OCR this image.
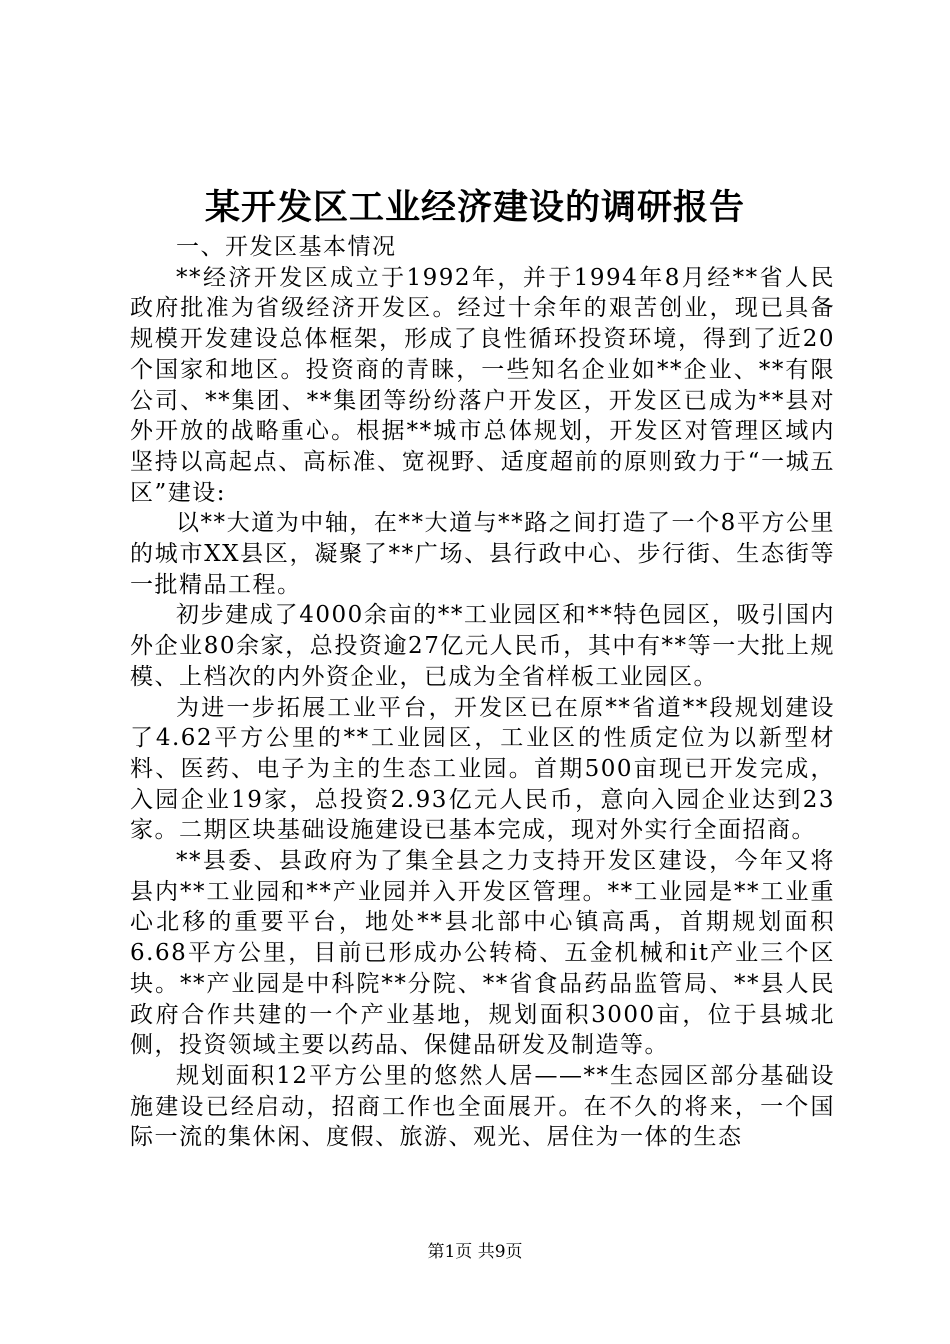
某开发区工业经济建设的调研报告

一、开发区基本情况

**经济开发区成立于1992年，并于1994年8月经**省人民政府批准为省级经济开发区。经过十余年的艰苦创业，现已具备规模开发建设总体框架，形成了良性循环投资环境，得到了近20个国家和地区。投资商的青睐，一些知名企业如**企业、**有限公司、**集团、**集团等纷纷落户开发区，开发区已成为**县对外开放的战略重心。根据**城市总体规划，开发区对管理区域内坚持以高起点、高标准、宽视野、适度超前的原则致力于“一城五区”建设:

以**大道为中轴，在**大道与**路之间打造了一个8平方公里的城市XX县区，凝聚了**广场、县行政中心、步行街、生态街等一批精品工程。

初步建成了4000余亩的**工业园区和**特色园区，吸引国内外企业80余家，总投资逾27亿元人民币，其中有**等一大批上规模、上档次的内外资企业，已成为全省样板工业园区。

为进一步拓展工业平台，开发区已在原**省道**段规划建设了4.62平方公里的**工业园区，工业区的性质定位为以新型材料、医药、电子为主的生态工业园。首期500亩现已开发完成，入园企业19家，总投资2.93亿元人民币，意向入园企业达到23家。二期区块基础设施建设已基本完成，现对外实行全面招商。

**县委、县政府为了集全县之力支持开发区建设，今年又将县内**工业园和**产业园并入开发区管理。**工业园是**工业重心北移的重要平台，地处**县北部中心镇高禹，首期规划面积6.68平方公里，目前已形成办公转椅、五金机械和it产业三个区块。**产业园是中科院**分院、**省食品药品监管局、**县人民政府合作共建的一个产业基地，规划面积3000亩，位于县城北侧，投资领域主要以药品、保健品研发及制造等。

规划面积12平方公里的悠然人居——**生态园区部分基础设施建设已经启动，招商工作也全面展开。在不久的将来，一个国际一流的集休闲、度假、旅游、观光、居住为一体的生态

第1页 共9页
